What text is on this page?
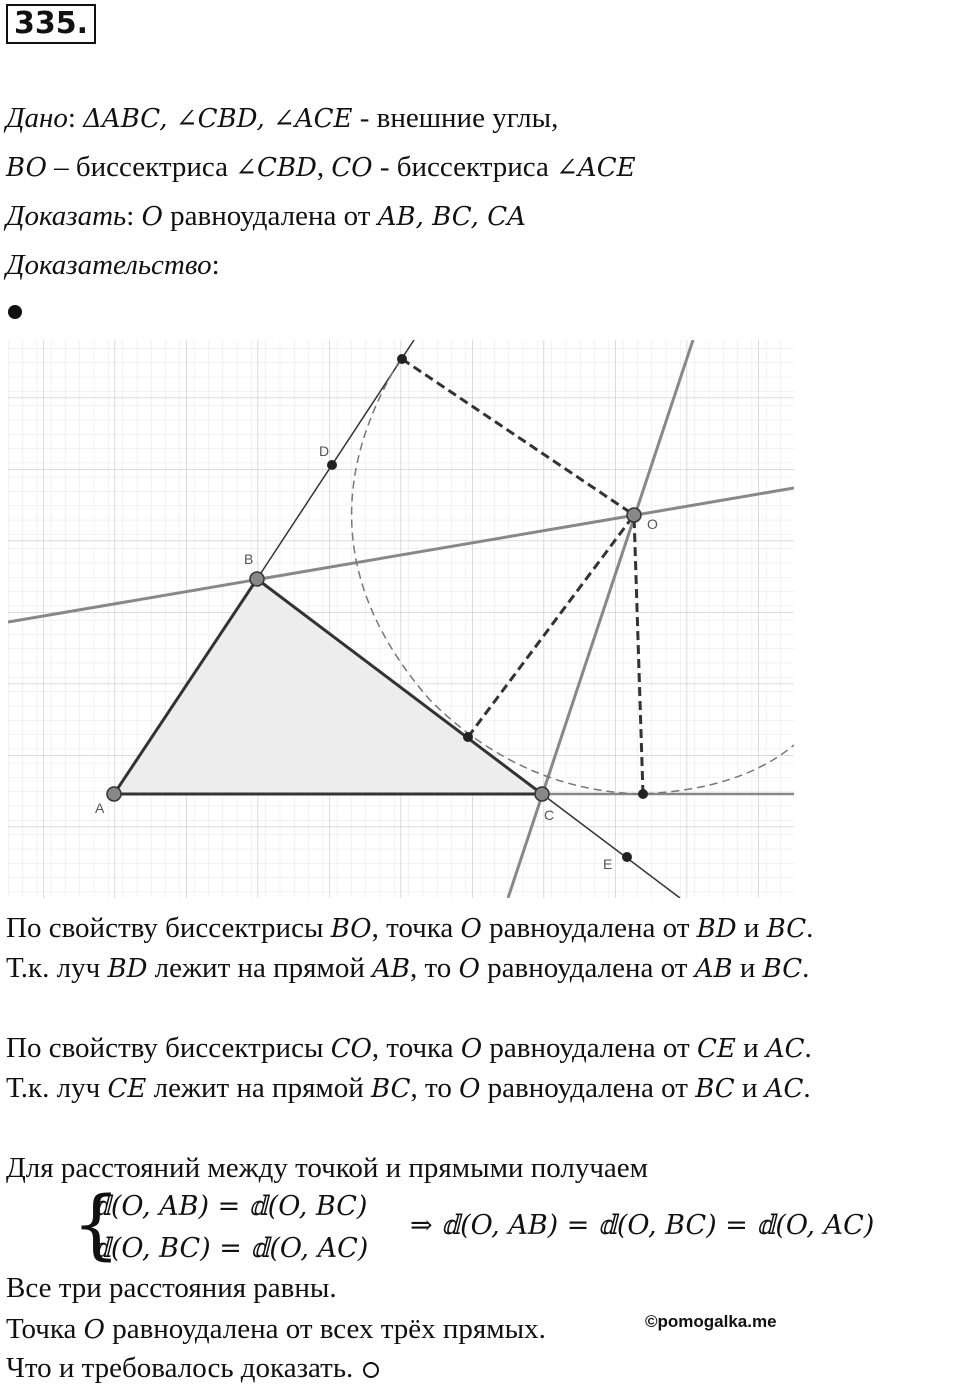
335.
Дано: ΔABC, ∠CBD, ∠ACE - внешние углы,
BO – биссектриса ∠CBD, CO - биссектриса ∠ACE
Доказать: O равноудалена от AB, BC, CA
Доказательство:
A
B
C
D
E
O
По свойству биссектрисы BO, точка O равноудалена от BD и BC.
Т.к. луч BD лежит на прямой AB, то O равноудалена от AB и BC.
По свойству биссектрисы CO, точка O равноудалена от CE и AC.
Т.к. луч CE лежит на прямой BC, то O равноудалена от BC и AC.
Для расстояний между точкой и прямыми получаем
{
𝕕(O, AB) = 𝕕(O, BC)
𝕕(O, BC) = 𝕕(O, AC)
⇒ 𝕕(O, AB) = 𝕕(O, BC) = 𝕕(O, AC)
Все три расстояния равны.
Точка O равноудалена от всех трёх прямых.	©pomogalka.me
Что и требовалось доказать.
